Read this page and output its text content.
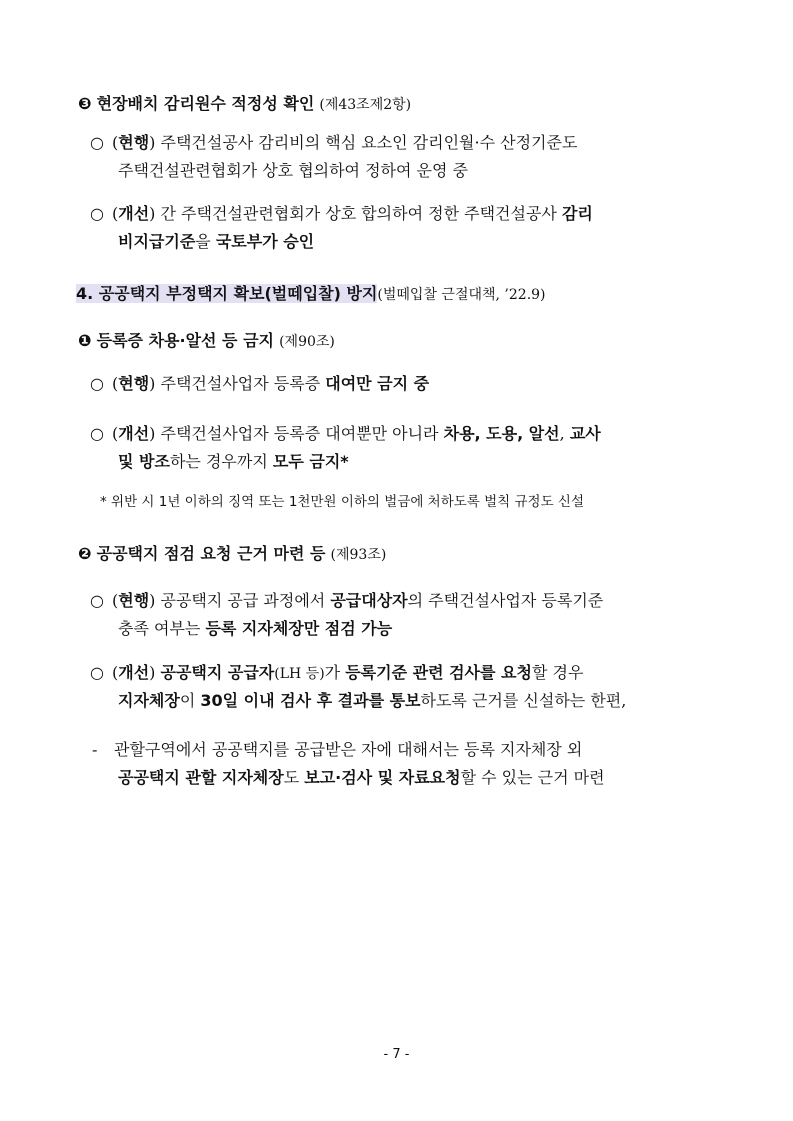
❸ 현장배치 감리원수 적정성 확인 (제43조제2항)
○ (현행) 주택건설공사 감리비의 핵심 요소인 감리인월·수 산정기준도
주택건설관련협회가 상호 협의하여 정하여 운영 중
○ (개선) 간 주택건설관련협회가 상호 합의하여 정한 주택건설공사 감리
비지급기준을 국토부가 승인
4. 공공택지 부정택지 확보(벌떼입찰) 방지(벌떼입찰 근절대책, ’22.9)
❶ 등록증 차용·알선 등 금지 (제90조)
○ (현행) 주택건설사업자 등록증 대여만 금지 중
○ (개선) 주택건설사업자 등록증 대여뿐만 아니라 차용, 도용, 알선, 교사
및 방조하는 경우까지 모두 금지*
* 위반 시 1년 이하의 징역 또는 1천만원 이하의 벌금에 처하도록 벌칙 규정도 신설
❷ 공공택지 점검 요청 근거 마련 등 (제93조)
○ (현행) 공공택지 공급 과정에서 공급대상자의 주택건설사업자 등록기준
충족 여부는 등록 지자체장만 점검 가능
○ (개선) 공공택지 공급자(LH 등)가 등록기준 관련 검사를 요청할 경우
지자체장이 30일 이내 검사 후 결과를 통보하도록 근거를 신설하는 한편,
- 관할구역에서 공공택지를 공급받은 자에 대해서는 등록 지자체장 외
공공택지 관할 지자체장도 보고·검사 및 자료요청할 수 있는 근거 마련
- 7 -
